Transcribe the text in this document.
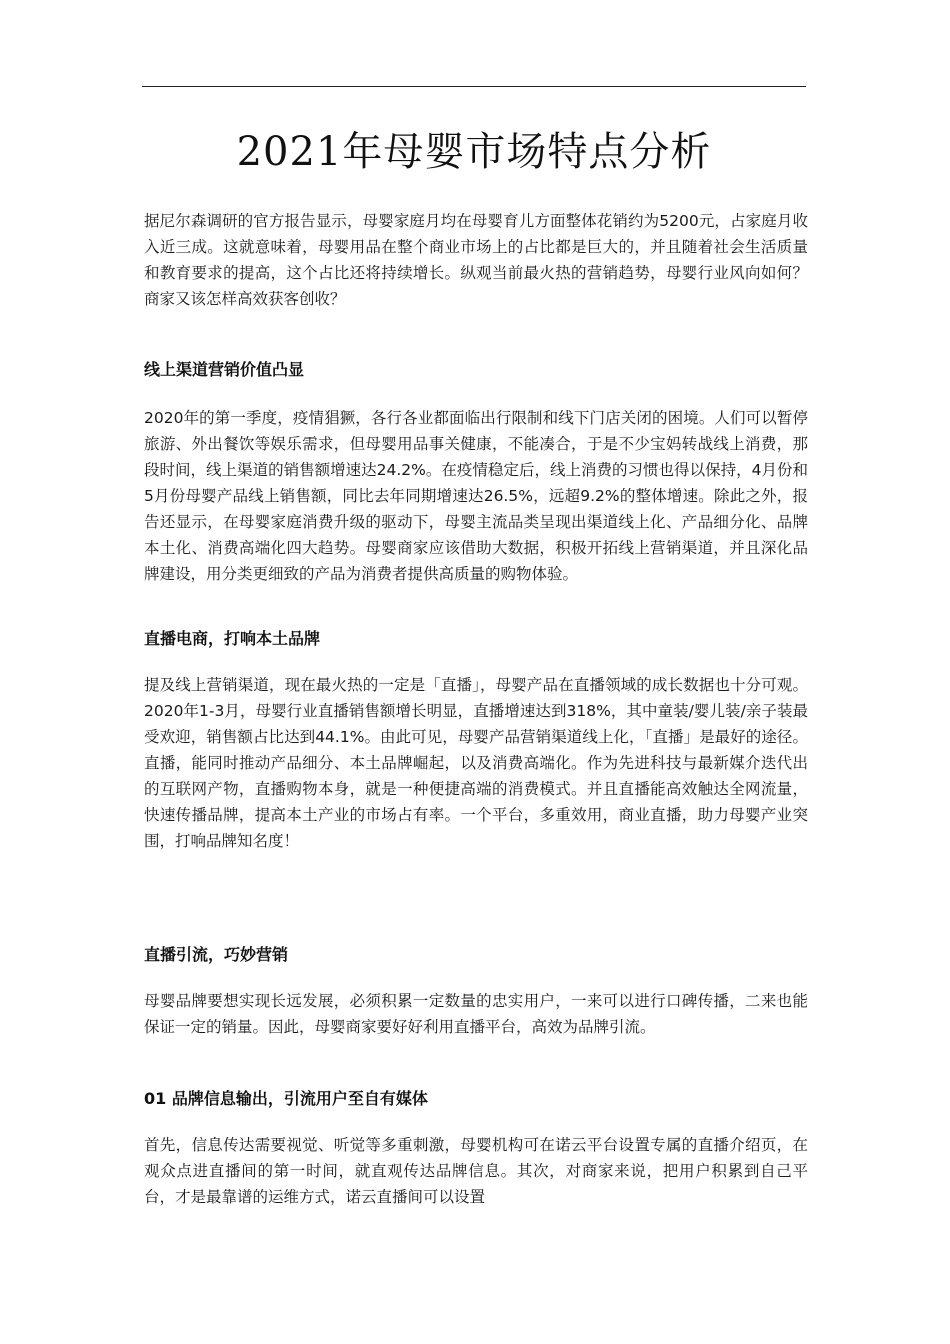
2021年母婴市场特点分析

据尼尔森调研的官方报告显示，母婴家庭月均在母婴育儿方面整体花销约为5200元，占家庭月收入近三成。这就意味着，母婴用品在整个商业市场上的占比都是巨大的，并且随着社会生活质量和教育要求的提高，这个占比还将持续增长。纵观当前最火热的营销趋势，母婴行业风向如何？商家又该怎样高效获客创收？

线上渠道营销价值凸显

2020年的第一季度，疫情猖獗，各行各业都面临出行限制和线下门店关闭的困境。人们可以暂停旅游、外出餐饮等娱乐需求，但母婴用品事关健康，不能凑合，于是不少宝妈转战线上消费，那段时间，线上渠道的销售额增速达24.2%。在疫情稳定后，线上消费的习惯也得以保持，4月份和5月份母婴产品线上销售额，同比去年同期增速达26.5%，远超9.2%的整体增速。除此之外，报告还显示，在母婴家庭消费升级的驱动下，母婴主流品类呈现出渠道线上化、产品细分化、品牌本土化、消费高端化四大趋势。母婴商家应该借助大数据，积极开拓线上营销渠道，并且深化品牌建设，用分类更细致的产品为消费者提供高质量的购物体验。

直播电商，打响本土品牌

提及线上营销渠道，现在最火热的一定是「直播」，母婴产品在直播领域的成长数据也十分可观。2020年1-3月，母婴行业直播销售额增长明显，直播增速达到318%，其中童装/婴儿装/亲子装最受欢迎，销售额占比达到44.1%。由此可见，母婴产品营销渠道线上化，「直播」是最好的途径。直播，能同时推动产品细分、本土品牌崛起，以及消费高端化。作为先进科技与最新媒介迭代出的互联网产物，直播购物本身，就是一种便捷高端的消费模式。并且直播能高效触达全网流量，快速传播品牌，提高本土产业的市场占有率。一个平台，多重效用，商业直播，助力母婴产业突围，打响品牌知名度！

直播引流，巧妙营销

母婴品牌要想实现长远发展，必须积累一定数量的忠实用户，一来可以进行口碑传播，二来也能保证一定的销量。因此，母婴商家要好好利用直播平台，高效为品牌引流。

01 品牌信息输出，引流用户至自有媒体

首先，信息传达需要视觉、听觉等多重刺激，母婴机构可在诺云平台设置专属的直播介绍页，在观众点进直播间的第一时间，就直观传达品牌信息。其次，对商家来说，把用户积累到自己平台，才是最靠谱的运维方式，诺云直播间可以设置
